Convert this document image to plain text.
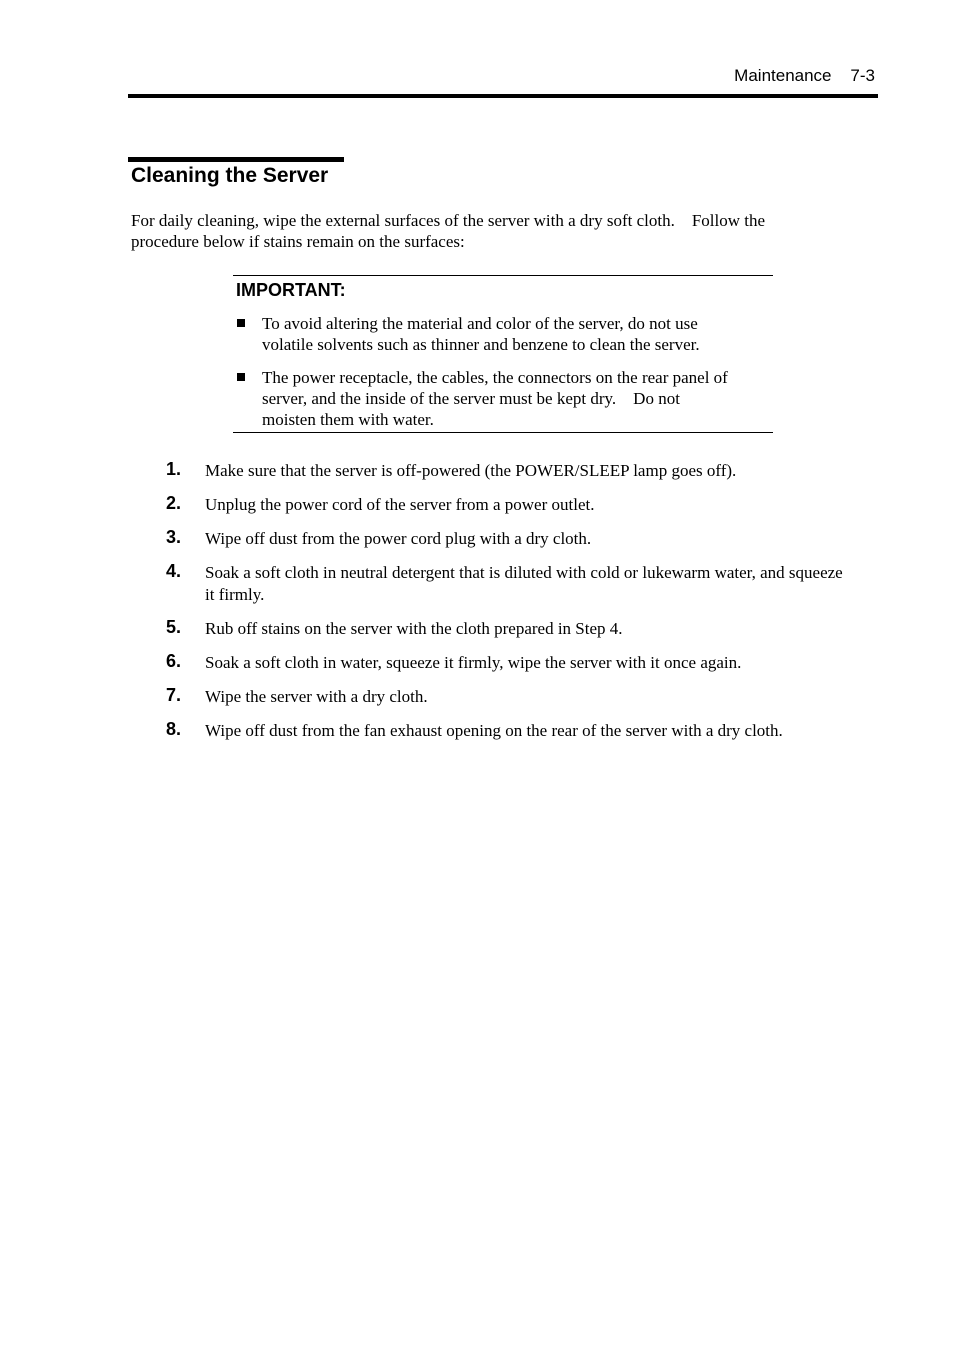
Maintenance 7-3
Cleaning the Server

For daily cleaning, wipe the external surfaces of the server with a dry soft cloth.    Follow the
procedure below if stains remain on the surfaces:

IMPORTANT:

To avoid altering the material and color of the server, do not use
volatile solvents such as thinner and benzene to clean the server.
The power receptacle, the cables, the connectors on the rear panel of
server, and the inside of the server must be kept dry.    Do not
moisten them with water.
1. Make sure that the server is off-powered (the POWER/SLEEP lamp goes off).
2. Unplug the power cord of the server from a power outlet.
3. Wipe off dust from the power cord plug with a dry cloth.
4. Soak a soft cloth in neutral detergent that is diluted with cold or lukewarm water, and squeeze it firmly.
5. Rub off stains on the server with the cloth prepared in Step 4.
6. Soak a soft cloth in water, squeeze it firmly, wipe the server with it once again.
7. Wipe the server with a dry cloth.
8. Wipe off dust from the fan exhaust opening on the rear of the server with a dry cloth.
